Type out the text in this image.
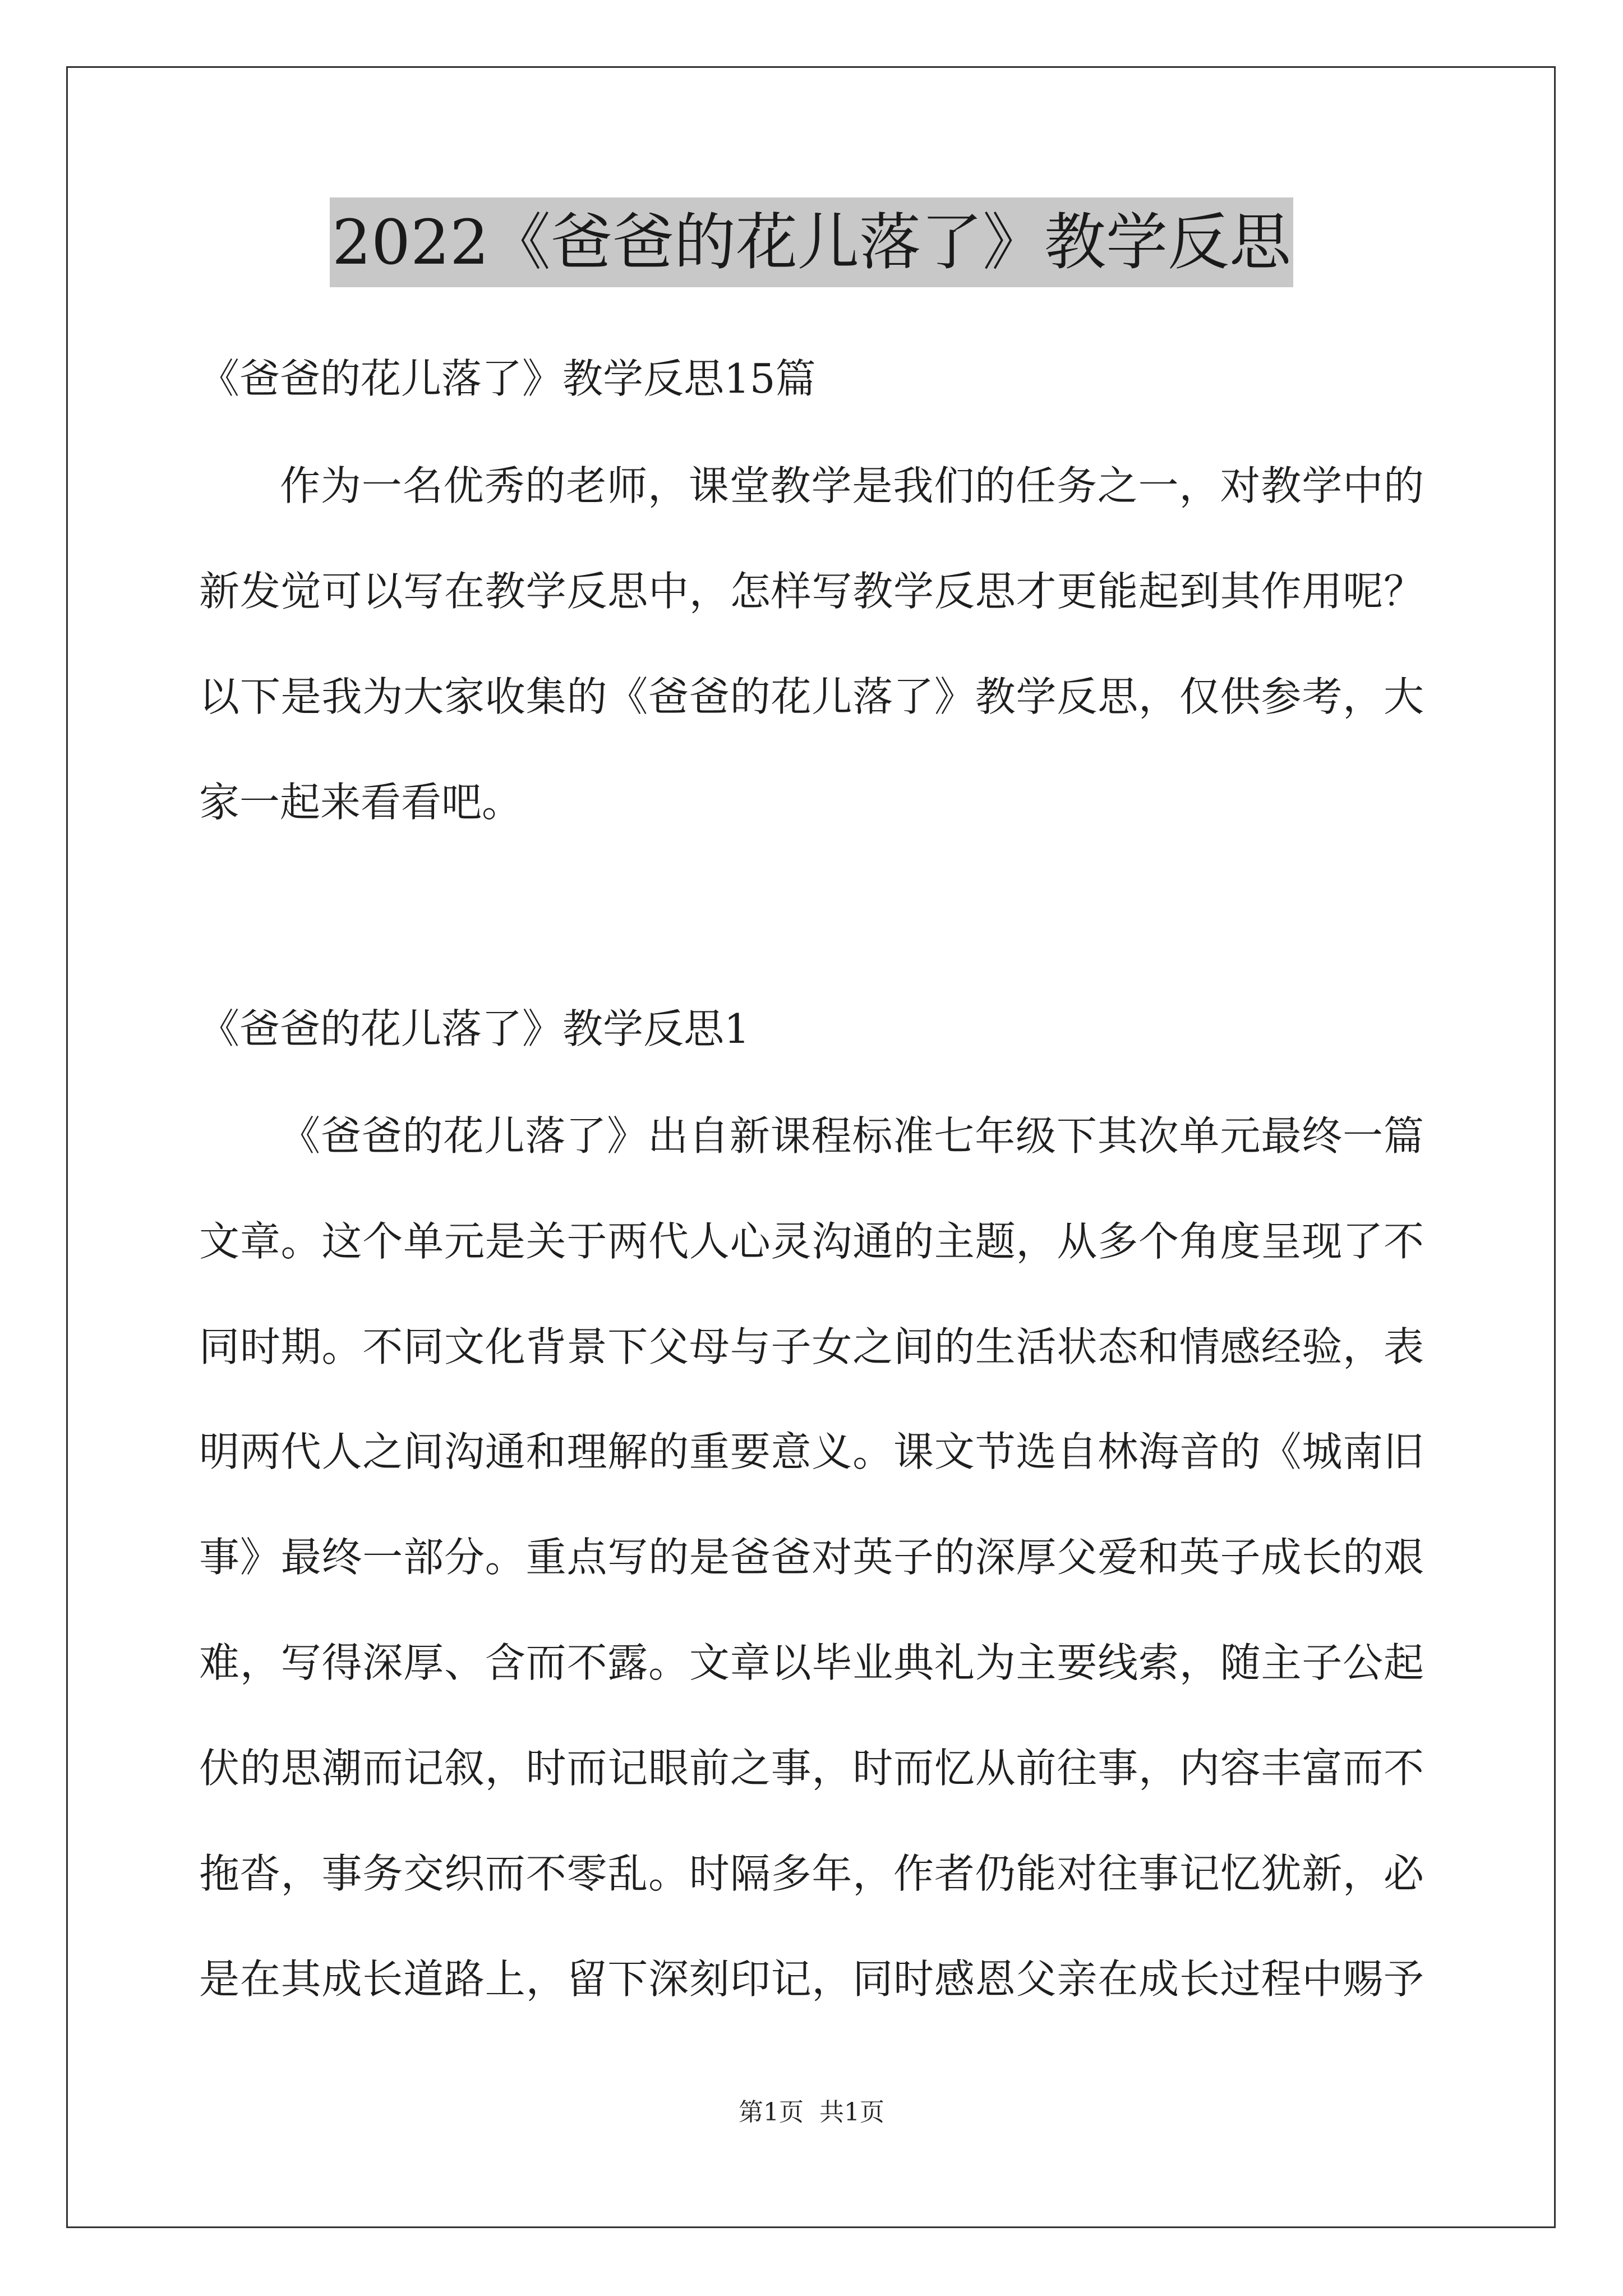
2022《爸爸的花儿落了》教学反思
《爸爸的花儿落了》教学反思15篇
作为一名优秀的老师，课堂教学是我们的任务之一，对教学中的
新发觉可以写在教学反思中，怎样写教学反思才更能起到其作用呢？
以下是我为大家收集的《爸爸的花儿落了》教学反思，仅供参考，大
家一起来看看吧。
《爸爸的花儿落了》教学反思1
《爸爸的花儿落了》出自新课程标准七年级下其次单元最终一篇
文章。这个单元是关于两代人心灵沟通的主题，从多个角度呈现了不
同时期。不同文化背景下父母与子女之间的生活状态和情感经验，表
明两代人之间沟通和理解的重要意义。课文节选自林海音的《城南旧
事》最终一部分。重点写的是爸爸对英子的深厚父爱和英子成长的艰
难，写得深厚、含而不露。文章以毕业典礼为主要线索，随主子公起
伏的思潮而记叙，时而记眼前之事，时而忆从前往事，内容丰富而不
拖沓，事务交织而不零乱。时隔多年，作者仍能对往事记忆犹新，必
是在其成长道路上，留下深刻印记，同时感恩父亲在成长过程中赐予
第1页 共1页
